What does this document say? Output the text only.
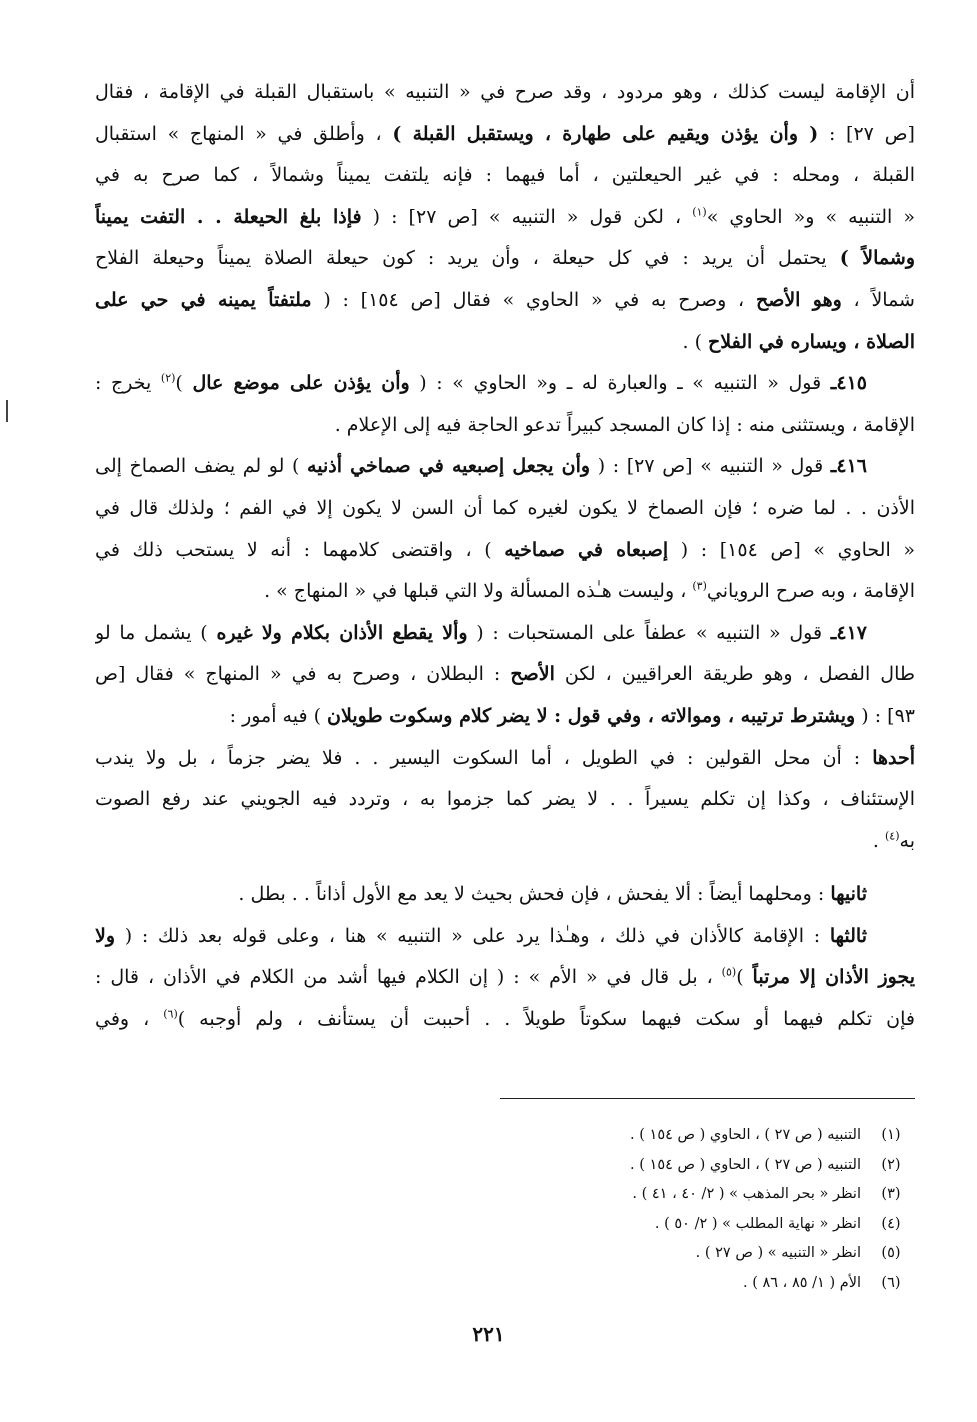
أن الإقامة ليست كذلك ، وهو مردود ، وقد صرح في « التنبيه » باستقبال القبلة في الإقامة ، فقال
[ص ٢٧] : ( وأن يؤذن ويقيم على طهارة ، ويستقبل القبلة ) ، وأطلق في « المنهاج » استقبال
القبلة ، ومحله : في غير الحيعلتين ، أما فيهما : فإنه يلتفت يميناً وشمالاً ، كما صرح به في
« التنبيه » و« الحاوي »$^{(١)}$ ، لكن قول « التنبيه » [ص ٢٧] : ( فإذا بلغ الحيعلة . . التفت يميناً
وشمالاً ) يحتمل أن يريد : في كل حيعلة ، وأن يريد : كون حيعلة الصلاة يميناً وحيعلة الفلاح
شمالاً ، وهو الأصح ، وصرح به في « الحاوي » فقال [ص ١٥٤] : ( ملتفتاً يمينه في حي على
الصلاة ، ويساره في الفلاح ) .
٤١٥ـ قول « التنبيه » ـ والعبارة له ـ و« الحاوي » : ( وأن يؤذن على موضع عال )$^{(٢)}$ يخرج :
الإقامة ، ويستثنى منه : إذا كان المسجد كبيراً تدعو الحاجة فيه إلى الإعلام .
٤١٦ـ قول « التنبيه » [ص ٢٧] : ( وأن يجعل إصبعيه في صماخي أذنيه ) لو لم يضف الصماخ إلى
الأذن . . لما ضره ؛ فإن الصماخ لا يكون لغيره كما أن السن لا يكون إلا في الفم ؛ ولذلك قال في
« الحاوي » [ص ١٥٤] : ( إصبعاه في صماخيه ) ، واقتضى كلامهما : أنه لا يستحب ذلك في
الإقامة ، وبه صرح الروياني$^{(٣)}$ ، وليست هـٰذه المسألة ولا التي قبلها في « المنهاج » .
٤١٧ـ قول « التنبيه » عطفاً على المستحبات : ( وألا يقطع الأذان بكلام ولا غيره ) يشمل ما لو
طال الفصل ، وهو طريقة العراقيين ، لكن الأصح : البطلان ، وصرح به في « المنهاج » فقال [ص
٩٣] : ( ويشترط ترتيبه ، وموالاته ، وفي قول : لا يضر كلام وسكوت طويلان ) فيه أمور :
أحدها : أن محل القولين : في الطويل ، أما السكوت اليسير . . فلا يضر جزماً ، بل ولا يندب
الإستئناف ، وكذا إن تكلم يسيراً . . لا يضر كما جزموا به ، وتردد فيه الجويني عند رفع الصوت
به$^{(٤)}$ .
ثانيها : ومحلهما أيضاً : ألا يفحش ، فإن فحش بحيث لا يعد مع الأول أذاناً . . بطل .
ثالثها : الإقامة كالأذان في ذلك ، وهـٰذا يرد على « التنبيه » هنا ، وعلى قوله بعد ذلك : ( ولا
يجوز الأذان إلا مرتباً )$^{(٥)}$ ، بل قال في « الأم » : ( إن الكلام فيها أشد من الكلام في الأذان ، قال :
فإن تكلم فيهما أو سكت فيهما سكوتاً طويلاً . . أحببت أن يستأنف ، ولم أوجبه )$^{(٦)}$ ، وفي
(١)التنبيه ( ص ٢٧ ) ، الحاوي ( ص ١٥٤ ) .
(٢)التنبيه ( ص ٢٧ ) ، الحاوي ( ص ١٥٤ ) .
(٣)انظر « بحر المذهب » ( ٢/ ٤٠ ، ٤١ ) .
(٤)انظر « نهاية المطلب » ( ٢/ ٥٠ ) .
(٥)انظر « التنبيه » ( ص ٢٧ ) .
(٦)الأم ( ١/ ٨٥ ، ٨٦ ) .
٢٢١
